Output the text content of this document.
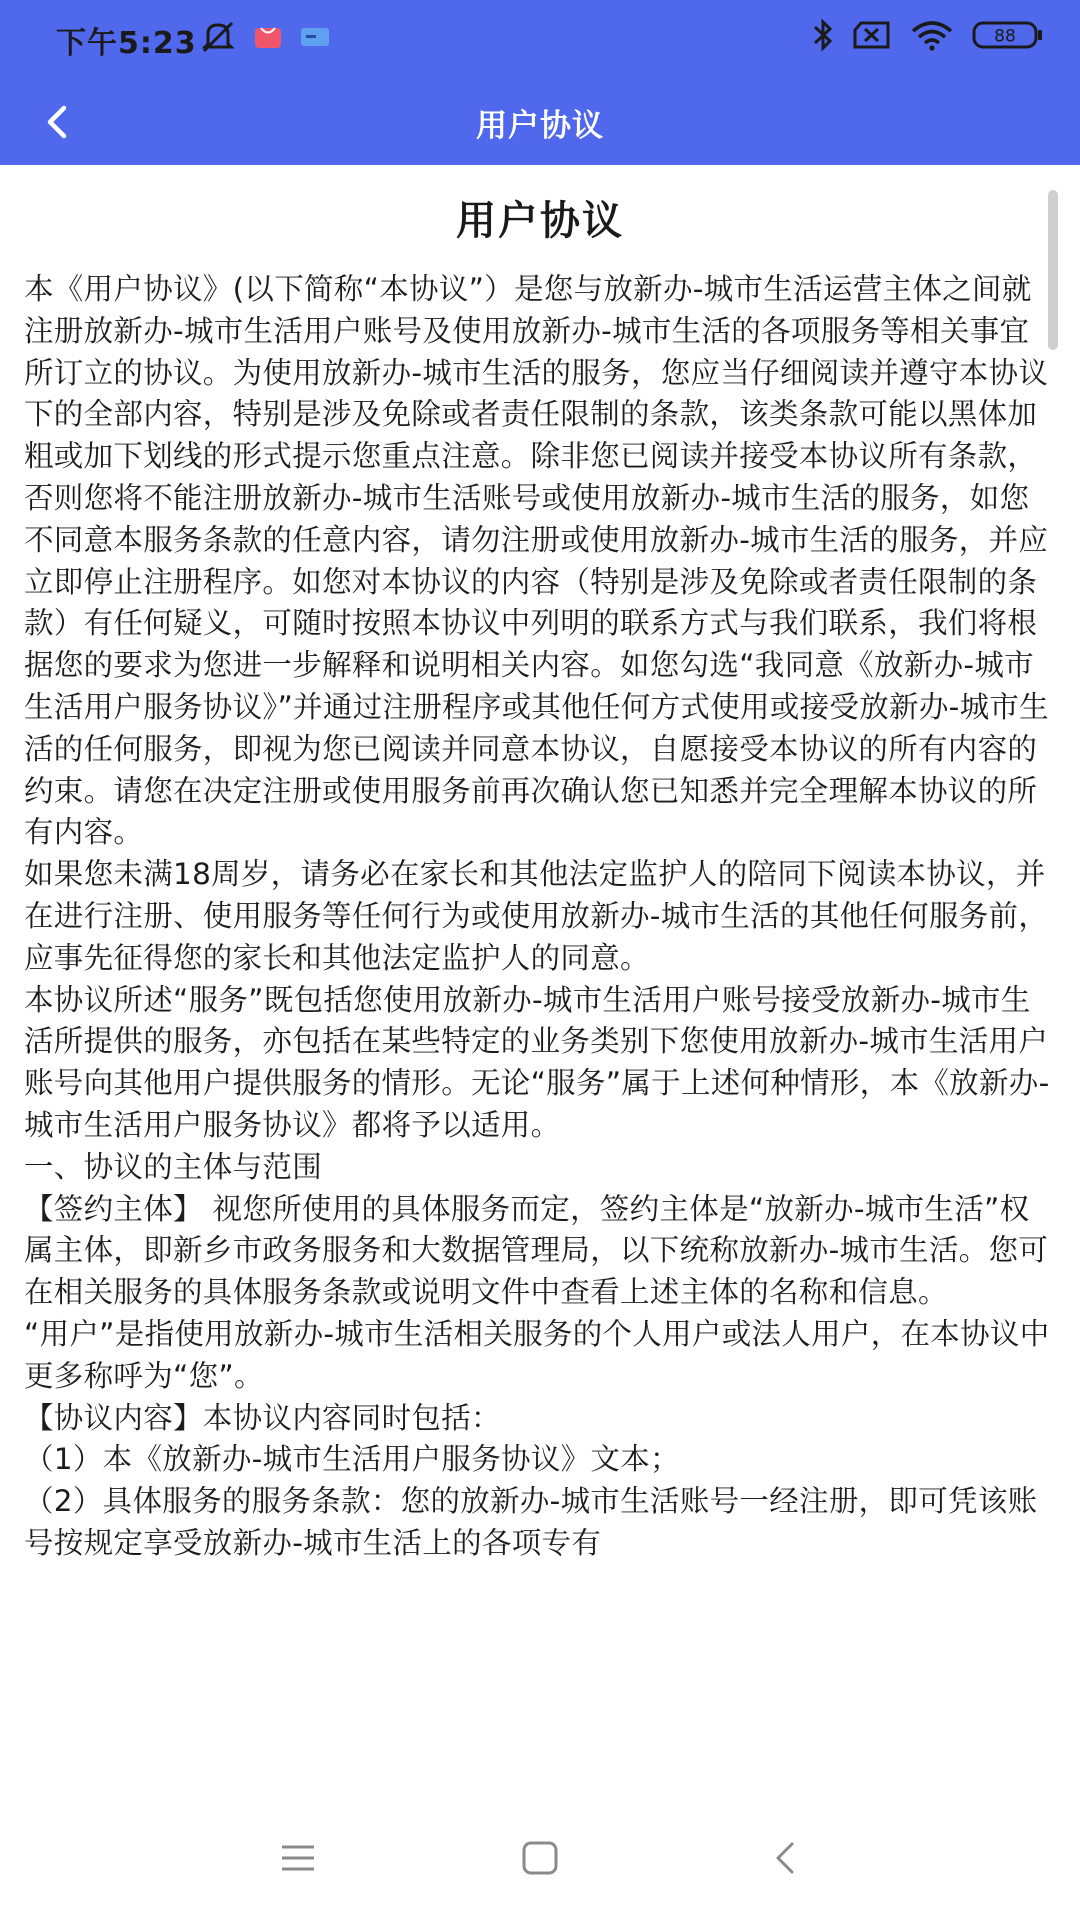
下午5:23	88
用户协议
用户协议

本《用户协议》(以下简称“本协议”）是您与放新办-城市生活运营主体之间就注册放新办-城市生活用户账号及使用放新办-城市生活的各项服务等相关事宜所订立的协议。为使用放新办-城市生活的服务，您应当仔细阅读并遵守本协议下的全部内容，特别是涉及免除或者责任限制的条款，该类条款可能以黑体加粗或加下划线的形式提示您重点注意。除非您已阅读并接受本协议所有条款，否则您将不能注册放新办-城市生活账号或使用放新办-城市生活的服务，如您不同意本服务条款的任意内容，请勿注册或使用放新办-城市生活的服务，并应立即停止注册程序。如您对本协议的内容（特别是涉及免除或者责任限制的条款）有任何疑义，可随时按照本协议中列明的联系方式与我们联系，我们将根据您的要求为您进一步解释和说明相关内容。如您勾选“我同意《放新办-城市生活用户服务协议》”并通过注册程序或其他任何方式使用或接受放新办-城市生活的任何服务，即视为您已阅读并同意本协议，自愿接受本协议的所有内容的约束。请您在决定注册或使用服务前再次确认您已知悉并完全理解本协议的所有内容。

如果您未满18周岁，请务必在家长和其他法定监护人的陪同下阅读本协议，并在进行注册、使用服务等任何行为或使用放新办-城市生活的其他任何服务前，应事先征得您的家长和其他法定监护人的同意。

本协议所述“服务”既包括您使用放新办-城市生活用户账号接受放新办-城市生活所提供的服务，亦包括在某些特定的业务类别下您使用放新办-城市生活用户账号向其他用户提供服务的情形。无论“服务”属于上述何种情形，本《放新办-城市生活用户服务协议》都将予以适用。

一、协议的主体与范围

【签约主体】 视您所使用的具体服务而定，签约主体是“放新办-城市生活”权属主体，即新乡市政务服务和大数据管理局，以下统称放新办-城市生活。您可在相关服务的具体服务条款或说明文件中查看上述主体的名称和信息。

“用户”是指使用放新办-城市生活相关服务的个人用户或法人用户，在本协议中更多称呼为“您”。

【协议内容】本协议内容同时包括：

（1）本《放新办-城市生活用户服务协议》文本；

（2）具体服务的服务条款：您的放新办-城市生活账号一经注册，即可凭该账号按规定享受放新办-城市生活上的各项专有
